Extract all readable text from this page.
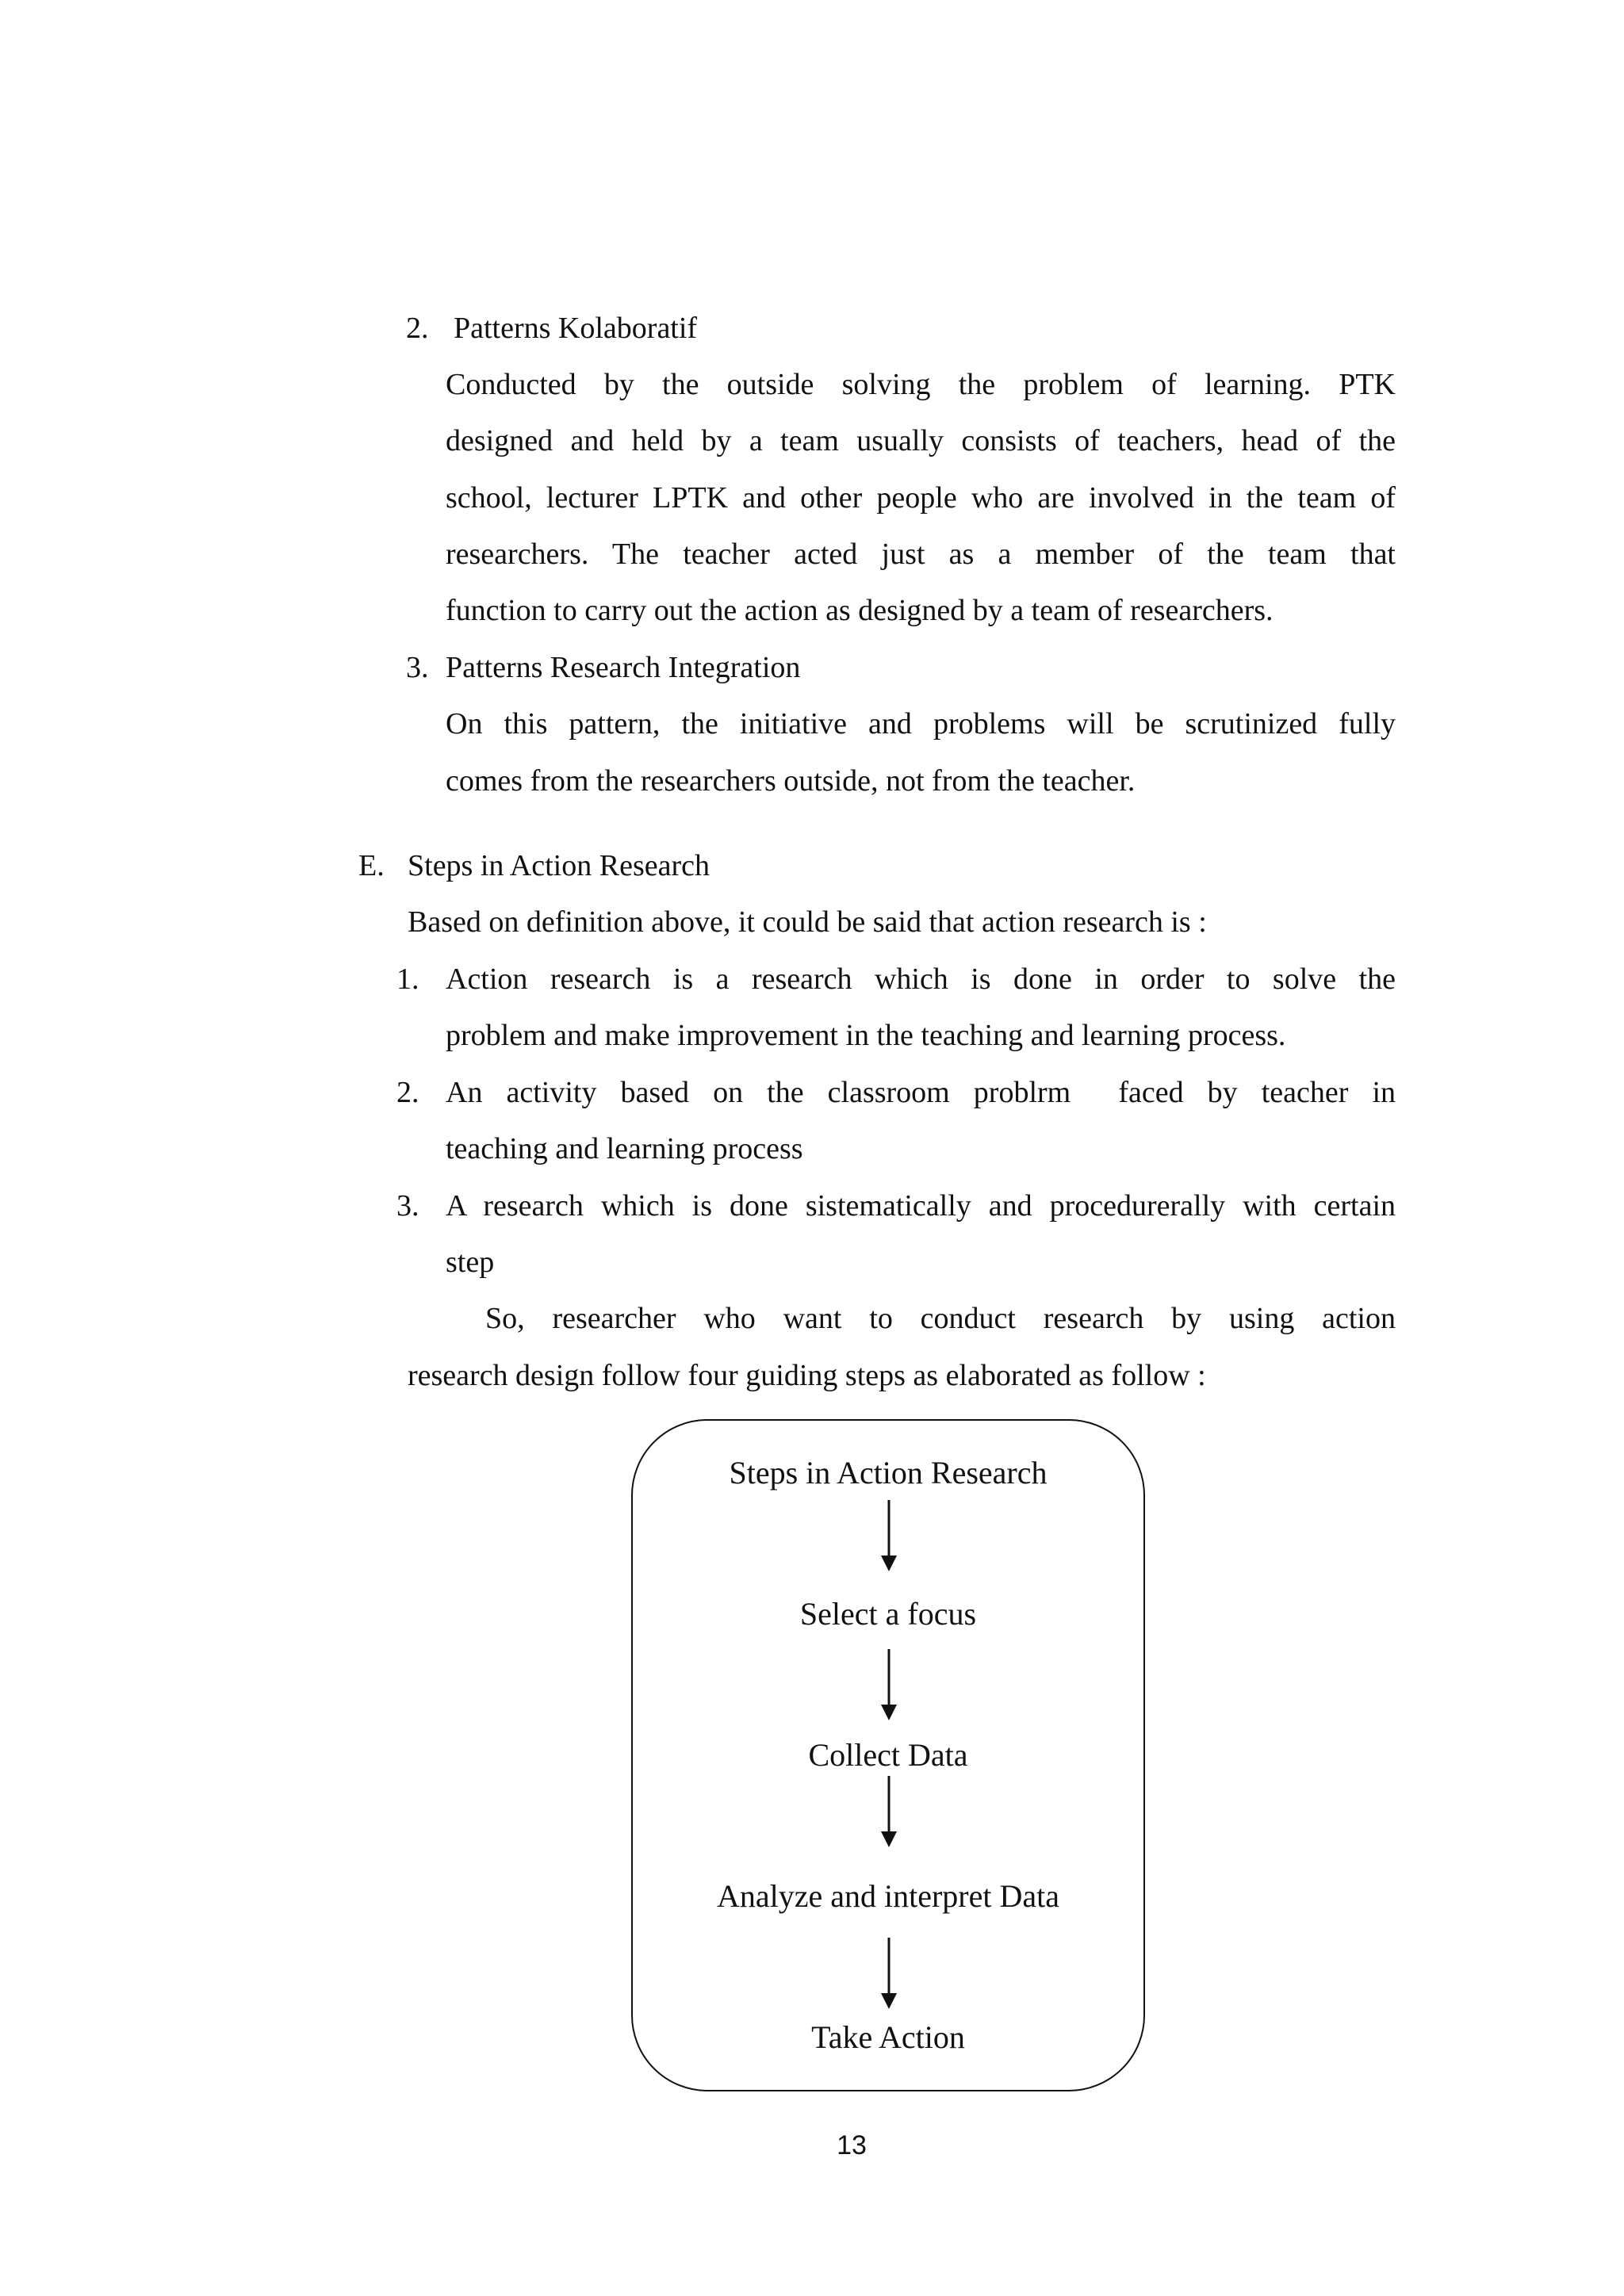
2. Patterns Kolaboratif
Conducted by the outside solving the problem of learning. PTK
designed and held by a team usually consists of teachers, head of the
school, lecturer LPTK and other people who are involved in the team of
researchers. The teacher acted just as a member of the team that
function to carry out the action as designed by a team of researchers.
3. Patterns Research Integration
On this pattern, the initiative and problems will be scrutinized fully
comes from the researchers outside, not from the teacher.
E. Steps in Action Research
Based on definition above, it could be said that action research is :
1. Action research is a research which is done in order to solve the
problem and make improvement in the teaching and learning process.
2. An activity based on the classroom problrm  faced by teacher in
teaching and learning process
3. A research which is done sistematically and procedurerally with certain
step
So, researcher who want to conduct research by using action
research design follow four guiding steps as elaborated as follow :
Steps in Action Research
Select a focus
Collect Data
Analyze and interpret Data
Take Action
13
